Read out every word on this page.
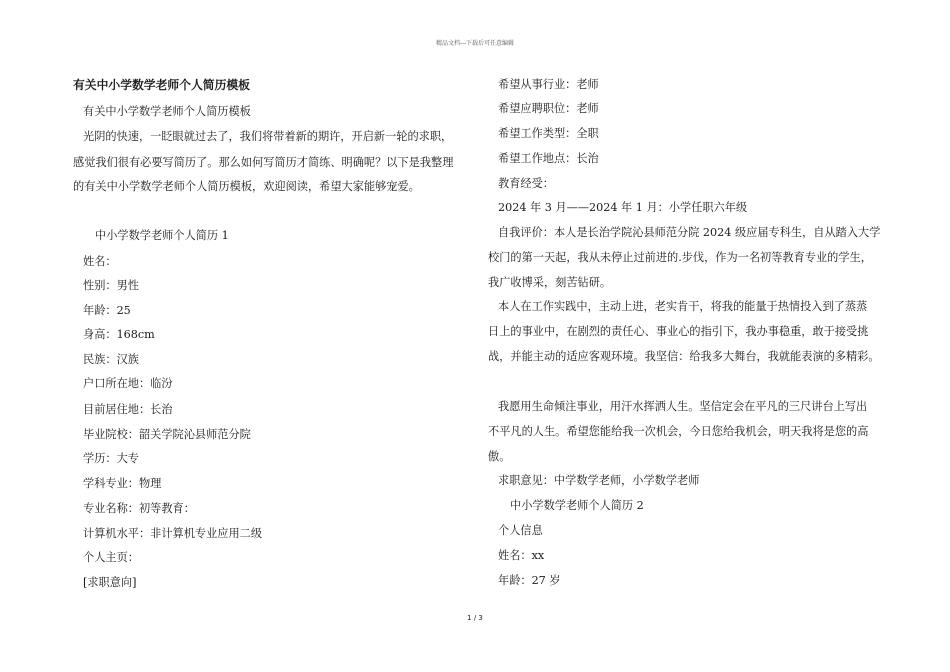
精品文档---下载后可任意编辑
有关中小学数学老师个人简历模板
有关中小学数学老师个人简历模板
光阴的快速，一眨眼就过去了，我们将带着新的期许，开启新一轮的求职，
感觉我们很有必要写简历了。那么如何写简历才简练、明确呢？以下是我整理
的有关中小学数学老师个人简历模板，欢迎阅读，希望大家能够宠爱。
中小学数学老师个人简历 1
姓名：
性别：男性
年龄：25
身高：168cm
民族：汉族
户口所在地：临汾
目前居住地：长治
毕业院校：韶关学院沁县师范分院
学历：大专
学科专业：物理
专业名称：初等教育：
计算机水平：非计算机专业应用二级
个人主页：
[求职意向]
希望从事行业：老师
希望应聘职位：老师
希望工作类型：全职
希望工作地点：长治
教育经受：
2024 年 3 月——2024 年 1 月：小学任职六年级
自我评价：本人是长治学院沁县师范分院 2024 级应届专科生，自从踏入大学
校门的第一天起，我从未停止过前进的.步伐，作为一名初等教育专业的学生，
我广收博采，刻苦钻研。
本人在工作实践中，主动上进，老实肯干，将我的能量于热情投入到了蒸蒸
日上的事业中，在剧烈的责任心、事业心的指引下，我办事稳重，敢于接受挑
战，并能主动的适应客观环境。我坚信：给我多大舞台，我就能表演的多精彩。
我愿用生命倾注事业，用汗水挥洒人生。坚信定会在平凡的三尺讲台上写出
不平凡的人生。希望您能给我一次机会，今日您给我机会，明天我将是您的高
傲。
求职意见：中学数学老师，小学数学老师
中小学数学老师个人简历 2
个人信息
姓名：xx
年龄：27 岁
1 / 3
